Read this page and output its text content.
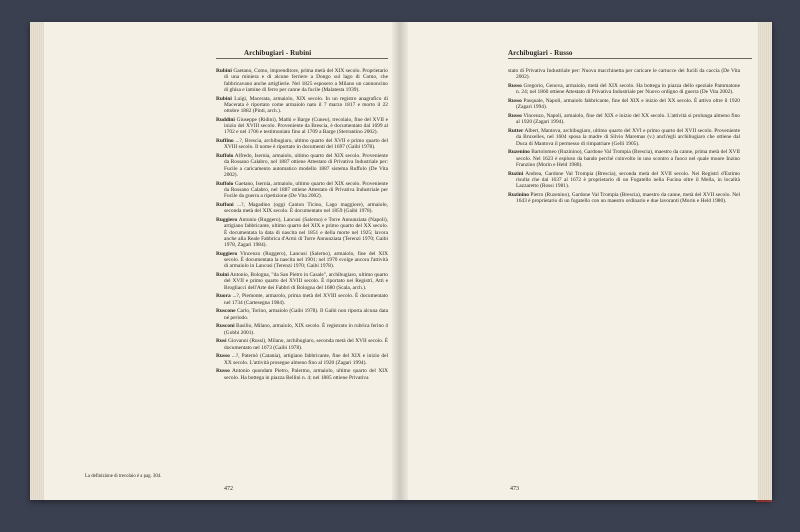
Archibugiari - Rubini

Rubini Gaetano, Como, imprenditore, prima metà del XIX secolo. Proprietario di una miniera e di alcune ferriere a Dongo sul lago di Como, che fabbricavano anche artiglierie. Nel 1825 esposero a Milano un cannoncino di ghisa e lamine di ferro per canne da fucile (Malatesta 1939).

Rubini Luigi, Macerata, armaiolo, XIX secolo. In un registro anagrafico di Macerata è riportato come armaiolo nato il 7 marzo 1817 e morto il 22 ottobre 1882 (Pinti, arch.).

Ruddini Giuseppe (Ridini), Mathi e Barge (Cuneo), trecolaio, fine del XVII e inizio del XVIII secolo. Proveniente da Brescia, è documentato dal 1699 al 1702 e nel 1706 e testimoniato fino al 1709 a Barge (Sterrantino 2002).

Ruffino ...?, Brescia, archibugiaro, ultimo quarto del XVII e primo quarto del XVIII secolo. Il nome è riportato in documenti del 1697 (Gaibi 1978).

Ruffolo Alfredo, Isernia, armaiolo, ultimo quarto del XIX secolo. Proveniente da Rossano Calabro, nel 1887 ottiene Attestato di Privativa Industriale per: Fucile a caricamento automatico modello 1887 sistema Ruffolo (De Vita 2002).

Ruffolo Gaetano, Isernia, armaiolo, ultimo quarto del XIX secolo. Proveniente da Rossano Calabro, nel 1887 ottiene Attestato di Privativa Industriale per Fucile da guerra a ripetizione (De Vita 2002).

Ruffoni ...?, Magadino (oggi Canton Ticino, Lago maggiore), armaiolo, seconda metà del XIX secolo. È documentato nel 1859 (Gaibi 1978).

Ruggiero Antonio (Ruggero), Lancusi (Salerno) e Torre Annunziata (Napoli), artigiano fabbricante, ultimo quarto del XIX e primo quarto del XX secolo. È documentata la data di nascita nel 1851 e della morte nel 1925; lavora anche alla Reale Fabbrica d'Armi di Torre Annunziata (Terenzi 1970; Gaibi 1978, Zagari 1984).

Ruggiero Vincenzo (Ruggero), Lancusi (Salerno), armaiolo, fine del XIX secolo. È documentata la nascita nel 1901; nel 1970 svolge ancora l'attività di armaiolo in Lancusi (Terenzi 1970; Gaibi 1978).

Ruini Antonio, Bologna, "da San Pietro in Casale", archibugiaro, ultimo quarto del XVII e primo quarto del XVIII secolo. È riportato nei Registri, Atti e Brogliacci dell'Arte dei Fabbri di Bologna del 1680 (Scala, arch.).

Ruora ...?, Piemonte, armarolo, prima metà del XVIII secolo. È documentato nel 1734 (Cartesegna 1984).

Ruscone Carlo, Torino, armaiolo (Gaibi 1978). Il Gaibi non riporta alcuna data né periodo.

Rusconi Basilio, Milano, armaiolo, XIX secolo. È registrato in rubrica ferino 4 (Gobbi 2001).

Rusi Giovanni (Russi), Milano, archibugiaro, seconda metà del XVII secolo. È documentato nel 1673 (Gaibi 1978).

Russo ...?, Paternò (Catania), artigiano fabbricante, fine del XIX e inizio del XX secolo. L'attività prosegue almeno fino al 1920 (Zagari 1994).

Russo Antonio quondam Pietro, Palermo, armaiolo, ultimo quarto del XIX secolo. Ha bottega in piazza Bellini n. 4; nel 1885 ottiene Privativa

La definizione di trecolaio è a pag. 304.
472
Archibugiari - Russo

stato di Privativa Industriale per: Nuova macchinetta per caricare le cartucce dei fucili da caccia (De Vita 2002).

Russo Gregorio, Genova, armaiolo, metà del XIX secolo. Ha bottega in piazza dello speziale Pammatone n. 24; nel 1860 ottiene Attestato di Privativa Industriale per Nuovo ordigno di guerra (De Vita 2002).

Russo Pasquale, Napoli, armaiolo fabbricante, fine del XIX e inizio del XX secolo. È attivo oltre il 1920 (Zagari 1994).

Russo Vincenzo, Napoli, armaiolo, fine del XIX e inizio del XX secolo. L'attività si prolunga almeno fino al 1920 (Zagari 1994).

Rutter Albert, Mantova, archibugiaro, ultimo quarto del XVI e primo quarto del XVII secolo. Proveniente da Bruxelles, nel 1604 sposa la madre di Silvio Maremas (v.) anch'egli archibugiaro che ottiene dal Duca di Mantova il permesso di rimpatriare (Gelli 1905).

Ruzenino Bartolomeo (Ruzinino), Gardone Val Trompia (Brescia), maestro da canne, prima metà del XVII secolo. Nel 1623 è esploso da bando perché coinvolto in uno scontro a fuoco nel quale muore Inzino Franzino (Morin e Held 1980).

Ruzini Andrea, Gardone Val Trompia (Brescia), seconda metà del XVII secolo. Nei Registri d'Estimo risulta che dal 1637 al 1672 è proprietario di un Fogatello nella Fucina oltre il Mella, in località Lazzaretto (Rossi 1981).

Ruzinino Pietro (Ruzenino), Gardone Val Trompia (Brescia), maestro da canne, metà del XVII secolo. Nel 1643 è proprietario di un fogatello con un maestro ordinario e due lavoranti (Morin e Held 1980).

473
